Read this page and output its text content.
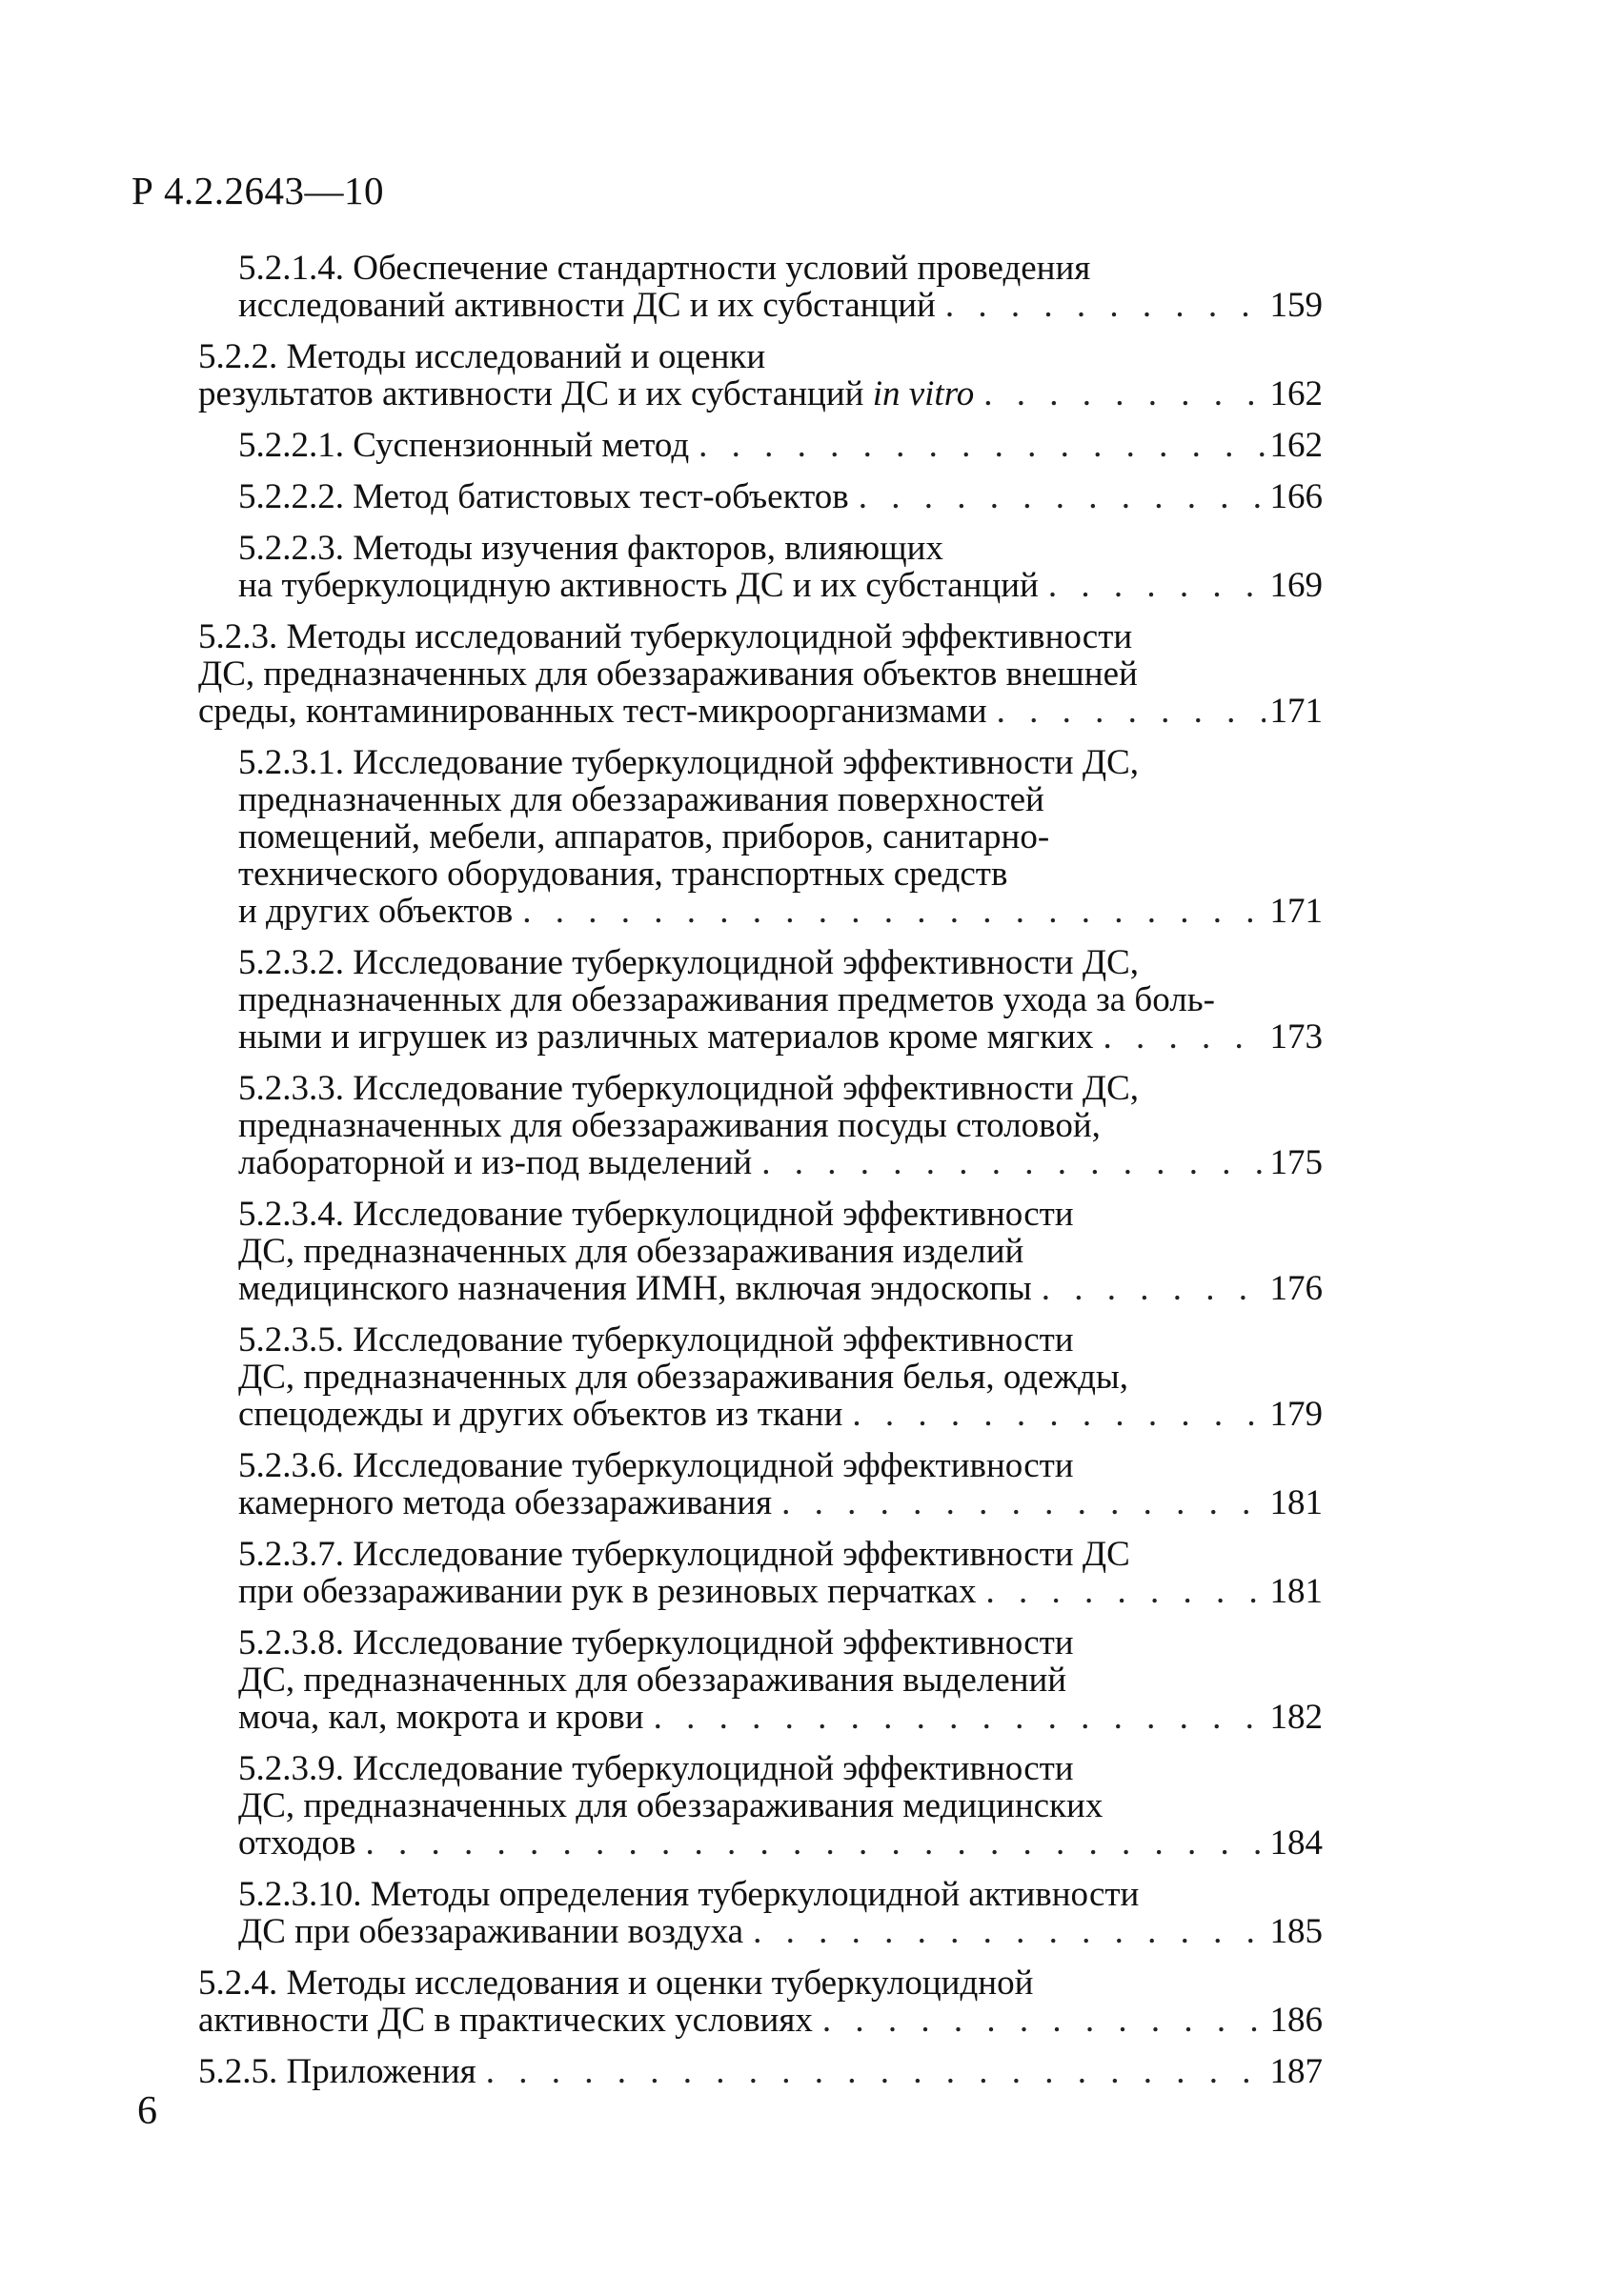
Р 4.2.2643—10
5.2.1.4. Обеспечение стандартности условий проведения
исследований активности ДС и их субстанций . . .	159
5.2.2. Методы исследований и оценки
результатов активности ДС и их субстанций in vitro . . .	162
5.2.2.1. Суспензионный метод . . .	162
5.2.2.2. Метод батистовых тест-объектов . . .	166
5.2.2.3. Методы изучения факторов, влияющих
на туберкулоцидную активность ДС и их субстанций . . .	169
5.2.3. Методы исследований туберкулоцидной эффективности
ДС, предназначенных для обеззараживания объектов внешней
среды, контаминированных тест-микроорганизмами . . .	171
5.2.3.1. Исследование туберкулоцидной эффективности ДС,
предназначенных для обеззараживания поверхностей
помещений, мебели, аппаратов, приборов, санитарно-
технического оборудования, транспортных средств
и других объектов . . .	171
5.2.3.2. Исследование туберкулоцидной эффективности ДС,
предназначенных для обеззараживания предметов ухода за боль-
ными и игрушек из различных материалов кроме мягких . . .	173
5.2.3.3. Исследование туберкулоцидной эффективности ДС,
предназначенных для обеззараживания посуды столовой,
лабораторной и из-под выделений . . .	175
5.2.3.4. Исследование туберкулоцидной эффективности
ДС, предназначенных для обеззараживания изделий
медицинского назначения ИМН, включая эндоскопы . . .	176
5.2.3.5. Исследование туберкулоцидной эффективности
ДС, предназначенных для обеззараживания белья, одежды,
спецодежды и других объектов из ткани . . .	179
5.2.3.6. Исследование туберкулоцидной эффективности
камерного метода обеззараживания . . .	181
5.2.3.7. Исследование туберкулоцидной эффективности ДС
при обеззараживании рук в резиновых перчатках . . .	181
5.2.3.8. Исследование туберкулоцидной эффективности
ДС, предназначенных для обеззараживания выделений
моча, кал, мокрота и крови . . .	182
5.2.3.9. Исследование туберкулоцидной эффективности
ДС, предназначенных для обеззараживания медицинских
отходов . . .	184
5.2.3.10. Методы определения туберкулоцидной активности
ДС при обеззараживании воздуха . . .	185
5.2.4. Методы исследования и оценки туберкулоцидной
активности ДС в практических условиях . . .	186
5.2.5. Приложения . . .	187
6
